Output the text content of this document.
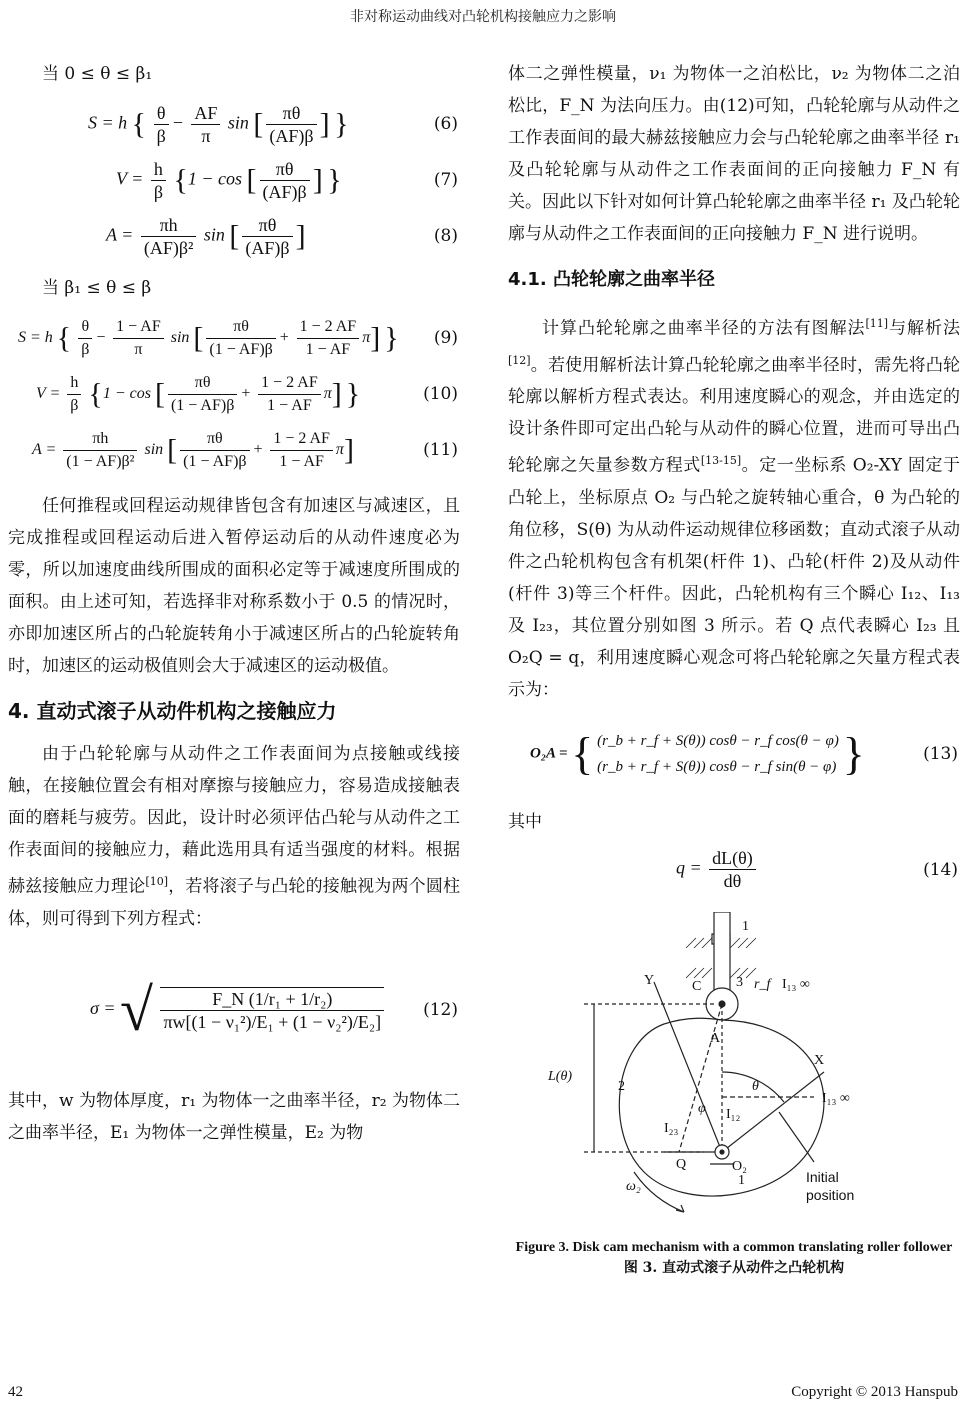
非对称运动曲线对凸轮机构接触应力之影响
当 0 ≤ θ ≤ β₁
S = h { $\frac{\theta}{\beta} - \frac{AF}{\pi}$ sin [ $\frac{\pi\theta}{(AF)\beta}$ ] }	(6)
$V = \frac{h}{\beta} \{1 - \cos$ [ $\frac{\pi\theta}{(AF)\beta}$ ] }	(7)
$A = \frac{\pi h}{\text{(AF)β²}}$ sin [ $\frac{\pi\theta}{(AF)\beta}$ ]	(8)
当 β₁ ≤ θ ≤ β
S = h { $\frac{\theta}{\beta} - \frac{1 - AF}{\pi}$ sin [ $\frac{\pi\theta}{(1 - AF)\beta} + \frac{1 - 2 AF}{1 - AF} \pi$] } (9)
$V = \frac{h}{\beta} \{1 - \cos$ [ $\frac{\pi\theta}{(1 - AF)\beta} + \frac{1 - 2 AF}{1 - AF} \pi$] }	(10)
$A = \frac{\pi h}{\text{(1 − AF)β²}}$ sin [ $\frac{\pi\theta}{(1 - AF)\beta} + \frac{1 - 2 AF}{1 - AF} \pi$]	(11)

任何推程或回程运动规律皆包含有加速区与减速区，且完成推程或回程运动后进入暂停运动后的从动件速度必为零，所以加速度曲线所围成的面积必定等于减速度所围成的面积。由上述可知，若选择非对称系数小于 0.5 的情况时，亦即加速区所占的凸轮旋转角小于减速区所占的凸轮旋转角时，加速区的运动极值则会大于减速区的运动极值。

4. 直动式滚子从动件机构之接触应力

由于凸轮轮廓与从动件之工作表面间为点接触或线接触，在接触位置会有相对摩擦与接触应力，容易造成接触表面的磨耗与疲劳。因此，设计时必须评估凸轮与从动件之工作表面间的接触应力，藉此选用具有适当强度的材料。根据赫兹接触应力理论[10]，若将滚子与凸轮的接触视为两个圆柱体，则可得到下列方程式：

σ = √ $\frac{\text{F\_N (1/r₁ + 1/r₂)}}{\text{πw[(1 − ν₁²)/E₁ + (1 − ν₂²)/E₂]}} (12)$

其中，w 为物体厚度，r₁ 为物体一之曲率半径，r₂ 为物体二之曲率半径，E₁ 为物体一之弹性模量，E₂ 为物

体二之弹性模量，ν₁ 为物体一之泊松比，ν₂ 为物体二之泊松比，F_N 为法向压力。由(12)可知，凸轮轮廓与从动件之工作表面间的最大赫兹接触应力会与凸轮轮廓之曲率半径 r₁ 及凸轮轮廓与从动件之工作表面间的正向接触力 F_N 有关。因此以下针对如何计算凸轮轮廓之曲率半径 r₁ 及凸轮轮廓与从动件之工作表面间的正向接触力 F_N 进行说明。

4.1. 凸轮轮廓之曲率半径

计算凸轮轮廓之曲率半径的方法有图解法[11]与解析法[12]。若使用解析法计算凸轮轮廓之曲率半径时，需先将凸轮轮廓以解析方程式表达。利用速度瞬心的观念，并由选定的设计条件即可定出凸轮与从动件的瞬心位置，进而可导出凸轮轮廓之矢量参数方程式[13-15]。定一坐标系 O₂-XY 固定于凸轮上，坐标原点 O₂ 与凸轮之旋转轴心重合，θ 为凸轮的角位移，S(θ) 为从动件运动规律位移函数；直动式滚子从动件之凸轮机构包含有机架(杆件 1)、凸轮(杆件 2)及从动件(杆件 3)等三个杆件。因此，凸轮机构有三个瞬心 I₁₂、I₁₃ 及 I₂₃，其位置分别如图 3 所示。若 Q 点代表瞬心 I₂₃ 且 O₂Q = q，利用速度瞬心观念可将凸轮轮廓之矢量方程式表示为：

O₂A = { (r_b + r_f + S(θ)) cosθ − r_f cos(θ − φ)
(r_b + r_f + S(θ)) cosθ − r_f sin(θ − φ) }	(13)

其中

$q = \frac{dL(\theta)}{d\theta}$	(14)
1
Y	C 3 r_f I₁₃ ∞
A
X
L(θ)
2	θ
φ I₁₂
I₂₃
Q	O₂
I₁₃ ∞
ω₂	1	Initial
position
Figure 3. Disk cam mechanism with a common translating roller follower
图 3. 直动式滚子从动件之凸轮机构
42	Copyright © 2013 Hanspub
